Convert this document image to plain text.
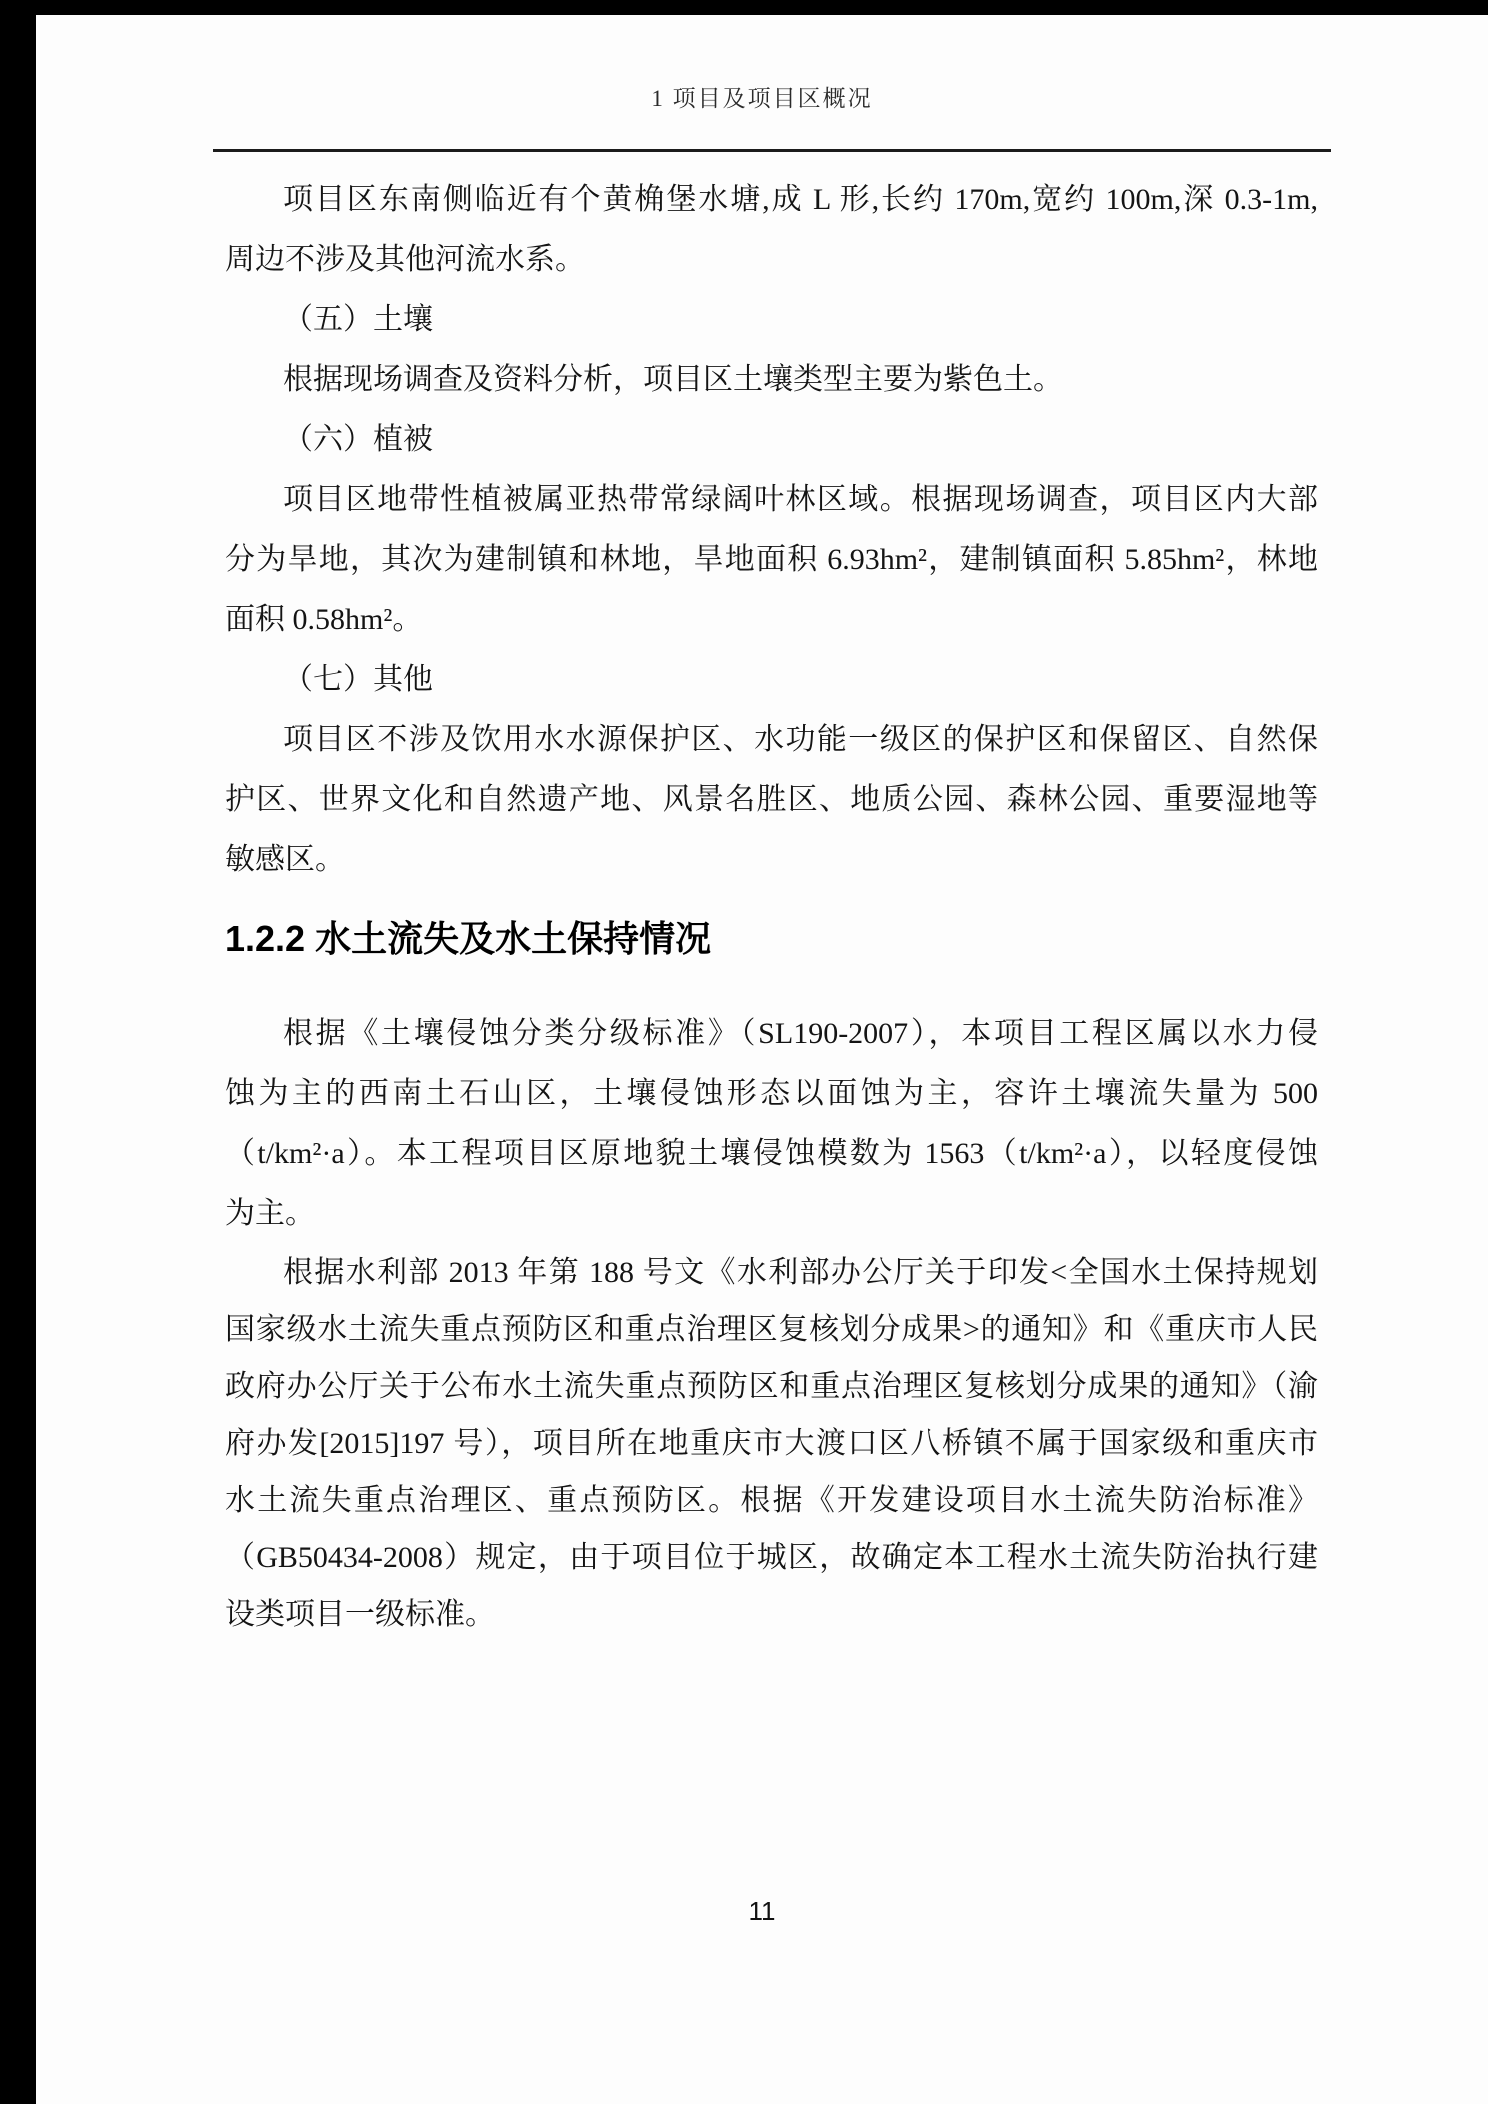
1 项目及项目区概况
项目区东南侧临近有个黄桷堡水塘,成 L 形,长约 170m,宽约 100m,深 0.3-1m,
周边不涉及其他河流水系。
（五）土壤
根据现场调查及资料分析，项目区土壤类型主要为紫色土。
（六）植被
项目区地带性植被属亚热带常绿阔叶林区域。根据现场调查，项目区内大部
分为旱地，其次为建制镇和林地，旱地面积 6.93hm²，建制镇面积 5.85hm²，林地
面积 0.58hm²。
（七）其他
项目区不涉及饮用水水源保护区、水功能一级区的保护区和保留区、自然保
护区、世界文化和自然遗产地、风景名胜区、地质公园、森林公园、重要湿地等
敏感区。
1.2.2 水土流失及水土保持情况
根据《土壤侵蚀分类分级标准》（SL190-2007），本项目工程区属以水力侵
蚀为主的西南土石山区，土壤侵蚀形态以面蚀为主，容许土壤流失量为 500
（t/km²·a）。本工程项目区原地貌土壤侵蚀模数为 1563（t/km²·a），以轻度侵蚀
为主。
根据水利部 2013 年第 188 号文《水利部办公厅关于印发<全国水土保持规划
国家级水土流失重点预防区和重点治理区复核划分成果>的通知》和《重庆市人民
政府办公厅关于公布水土流失重点预防区和重点治理区复核划分成果的通知》（渝
府办发[2015]197 号），项目所在地重庆市大渡口区八桥镇不属于国家级和重庆市
水土流失重点治理区、重点预防区。根据《开发建设项目水土流失防治标准》
（GB50434-2008）规定，由于项目位于城区，故确定本工程水土流失防治执行建
设类项目一级标准。
11
